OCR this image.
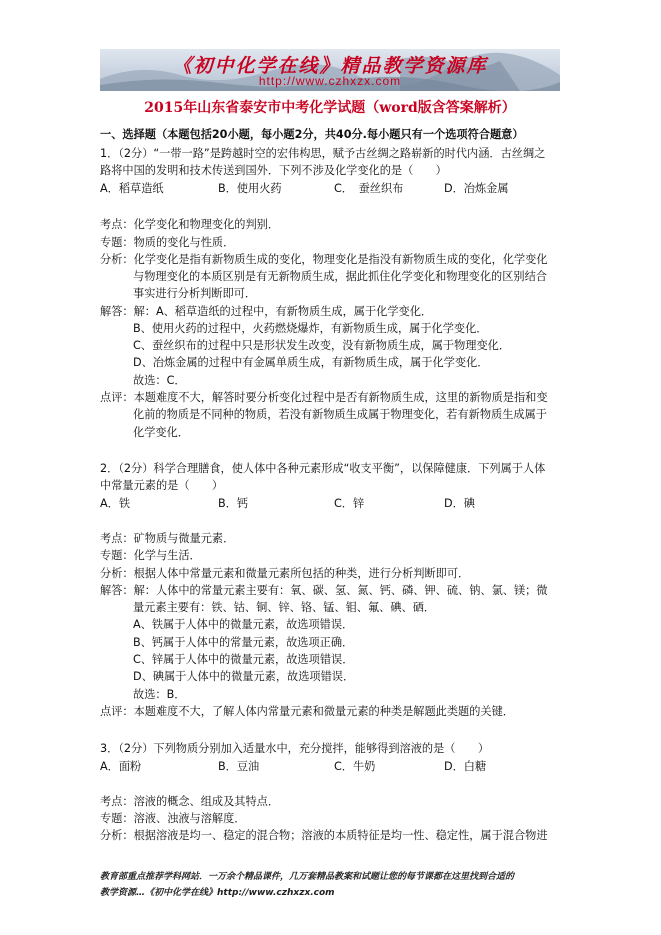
《初中化学在线》精品教学资源库
http://www.czhxzx.com
2015年山东省泰安市中考化学试题（word版含答案解析）
一、选择题（本题包括20小题，每小题2分，共40分.每小题只有一个选项符合题意）
1．（2分）“一带一路”是跨越时空的宏伟构思，赋予古丝绸之路崭新的时代内涵．古丝绸之
路将中国的发明和技术传送到国外．下列不涉及化学变化的是（　　）
考点：化学变化和物理变化的判别．
专题：物质的变化与性质．
分析：化学变化是指有新物质生成的变化，物理变化是指没有新物质生成的变化，化学变化
与物理变化的本质区别是有无新物质生成，据此抓住化学变化和物理变化的区别结合
事实进行分析判断即可．
解答：解：A、稻草造纸的过程中，有新物质生成，属于化学变化．
B、使用火药的过程中，火药燃烧爆炸，有新物质生成，属于化学变化．
C、蚕丝织布的过程中只是形状发生改变，没有新物质生成，属于物理变化．
D、冶炼金属的过程中有金属单质生成，有新物质生成，属于化学变化．
故选：C．
点评：本题难度不大，解答时要分析变化过程中是否有新物质生成，这里的新物质是指和变
化前的物质是不同种的物质，若没有新物质生成属于物理变化，若有新物质生成属于
化学变化．
2．（2分）科学合理膳食，使人体中各种元素形成“收支平衡”，以保障健康．下列属于人体
中常量元素的是（　　）
考点：矿物质与微量元素．
专题：化学与生活．
分析：根据人体中常量元素和微量元素所包括的种类，进行分析判断即可．
解答：解：人体中的常量元素主要有：氧、碳、氢、氮、钙、磷、钾、硫、钠、氯、镁；微
量元素主要有：铁、钴、铜、锌、铬、锰、钼、氟、碘、硒．
A、铁属于人体中的微量元素，故选项错误．
B、钙属于人体中的常量元素，故选项正确．
C、锌属于人体中的微量元素，故选项错误．
D、碘属于人体中的微量元素，故选项错误．
故选：B．
点评：本题难度不大，了解人体内常量元素和微量元素的种类是解题此类题的关键．
3．（2分）下列物质分别加入适量水中，充分搅拌，能够得到溶液的是（　　）
考点：溶液的概念、组成及其特点．
专题：溶液、浊液与溶解度．
分析：根据溶液是均一、稳定的混合物；溶液的本质特征是均一性、稳定性，属于混合物进
A．稻草造纸	B．使用火药	C．　蚕丝织布	D．冶炼金属
A．铁	B．钙	C．锌	D．碘
A．面粉	B．豆油	C．牛奶	D．白糖
教育部重点推荐学科网站．一万余个精品课件，几万套精品教案和试题让您的每节课都在这里找到合适的
教学资源…《初中化学在线》http://www.czhxzx.com
